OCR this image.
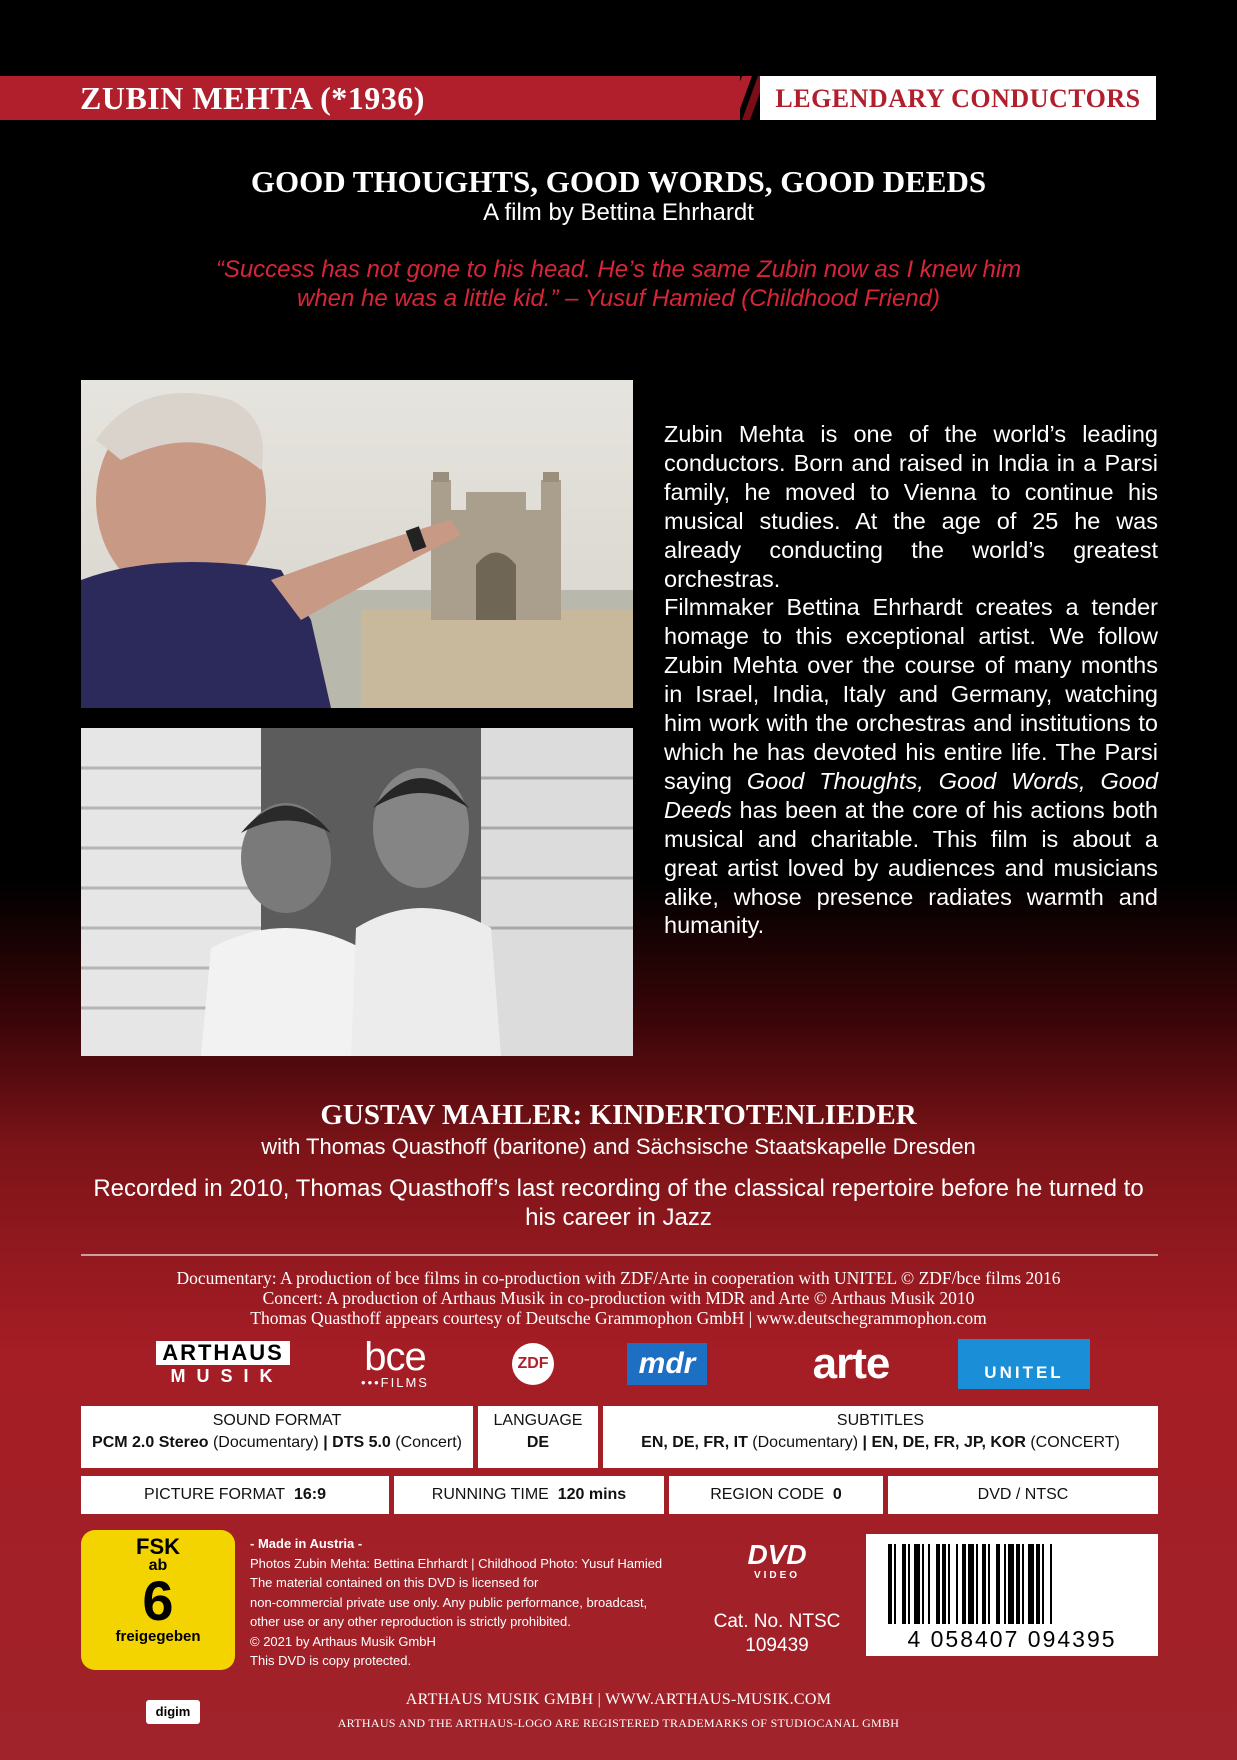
ZUBIN MEHTA (*1936)	LEGENDARY CONDUCTORS
GOOD THOUGHTS, GOOD WORDS, GOOD DEEDS
A film by Bettina Ehrhardt
“Success has not gone to his head. He’s the same Zubin now as I knew him when he was a little kid.” – Yusuf Hamied (Childhood Friend)

Zubin Mehta is one of the world’s leading conductors. Born and raised in India in a Parsi family, he moved to Vienna to continue his musical studies. At the age of 25 he was already conducting the world’s greatest orchestras.

Filmmaker Bettina Ehrhardt creates a tender homage to this exceptional artist. We follow Zubin Mehta over the course of many months in Israel, India, Italy and Germany, watching him work with the orchestras and institutions to which he has devoted his entire life. The Parsi saying Good Thoughts, Good Words, Good Deeds has been at the core of his actions both musical and charitable. This film is about a great artist loved by audiences and musicians alike, whose presence radiates warmth and humanity.

GUSTAV MAHLER: KINDERTOTENLIEDER
with Thomas Quasthoff (baritone) and Sächsische Staatskapelle Dresden
Recorded in 2010, Thomas Quasthoff’s last recording of the classical repertoire before he turned to his career in Jazz
Documentary: A production of bce films in co-production with ZDF/Arte in cooperation with UNITEL © ZDF/bce films 2016
Concert: A production of Arthaus Musik in co-production with MDR and Arte © Arthaus Musik 2010
Thomas Quasthoff appears courtesy of Deutsche Grammophon GmbH | www.deutschegrammophon.com
ARTHAUS
M U S I K bce
•••FILMS
ZDF	mdr	arte	UNITEL
SOUND FORMAT
PCM 2.0 Stereo (Documentary) | DTS 5.0 (Concert)
LANGUAGE
DE
SUBTITLES
EN, DE, FR, IT (Documentary) | EN, DE, FR, JP, KOR (CONCERT)
PICTURE FORMAT 16:9	RUNNING TIME 120 mins	REGION CODE 0	DVD / NTSC
FSK
ab
6
freigegeben
- Made in Austria -
Photos Zubin Mehta: Bettina Ehrhardt | Childhood Photo: Yusuf Hamied
The material contained on this DVD is licensed for
non-commercial private use only. Any public performance, broadcast,
other use or any other reproduction is strictly prohibited.
© 2021 by Arthaus Musik GmbH
This DVD is copy protected.
DVD
VIDEO
Cat. No. NTSC
109439	4 058407 094395
digim
ARTHAUS MUSIK GMBH | WWW.ARTHAUS-MUSIK.COM
ARTHAUS AND THE ARTHAUS-LOGO ARE REGISTERED TRADEMARKS OF STUDIOCANAL GMBH
